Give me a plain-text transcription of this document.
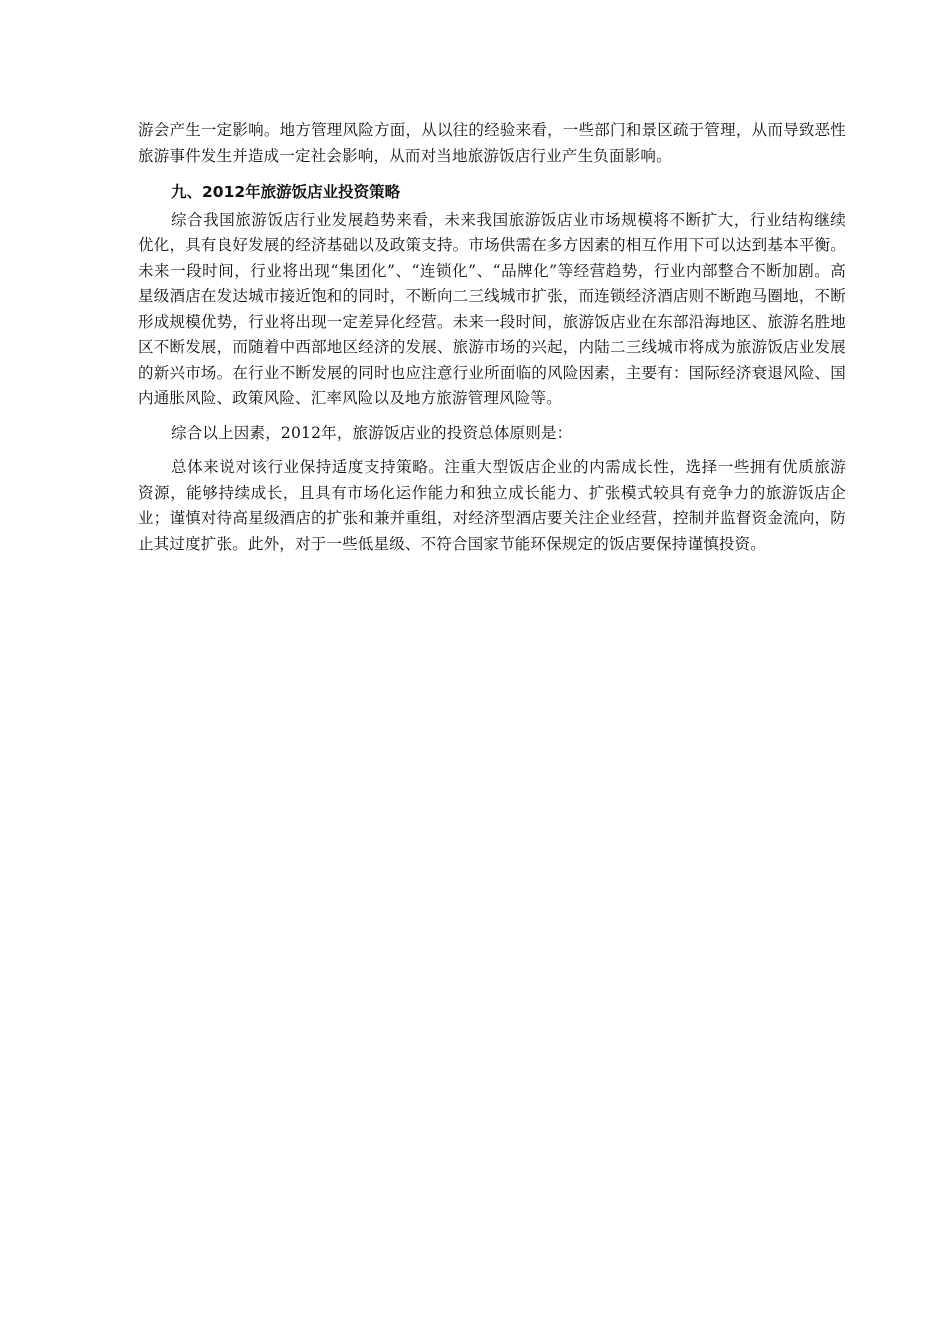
游会产生一定影响。地方管理风险方面，从以往的经验来看，一些部门和景区疏于管理，从而导致恶性旅游事件发生并造成一定社会影响，从而对当地旅游饭店行业产生负面影响。

九、2012年旅游饭店业投资策略

综合我国旅游饭店行业发展趋势来看，未来我国旅游饭店业市场规模将不断扩大，行业结构继续优化，具有良好发展的经济基础以及政策支持。市场供需在多方因素的相互作用下可以达到基本平衡。未来一段时间，行业将出现“集团化”、“连锁化”、“品牌化”等经营趋势，行业内部整合不断加剧。高星级酒店在发达城市接近饱和的同时，不断向二三线城市扩张，而连锁经济酒店则不断跑马圈地，不断形成规模优势，行业将出现一定差异化经营。未来一段时间，旅游饭店业在东部沿海地区、旅游名胜地区不断发展，而随着中西部地区经济的发展、旅游市场的兴起，内陆二三线城市将成为旅游饭店业发展的新兴市场。在行业不断发展的同时也应注意行业所面临的风险因素，主要有：国际经济衰退风险、国内通胀风险、政策风险、汇率风险以及地方旅游管理风险等。

综合以上因素，2012年，旅游饭店业的投资总体原则是：

总体来说对该行业保持适度支持策略。注重大型饭店企业的内需成长性，选择一些拥有优质旅游资源，能够持续成长，且具有市场化运作能力和独立成长能力、扩张模式较具有竞争力的旅游饭店企业；谨慎对待高星级酒店的扩张和兼并重组，对经济型酒店要关注企业经营，控制并监督资金流向，防止其过度扩张。此外，对于一些低星级、不符合国家节能环保规定的饭店要保持谨慎投资。
